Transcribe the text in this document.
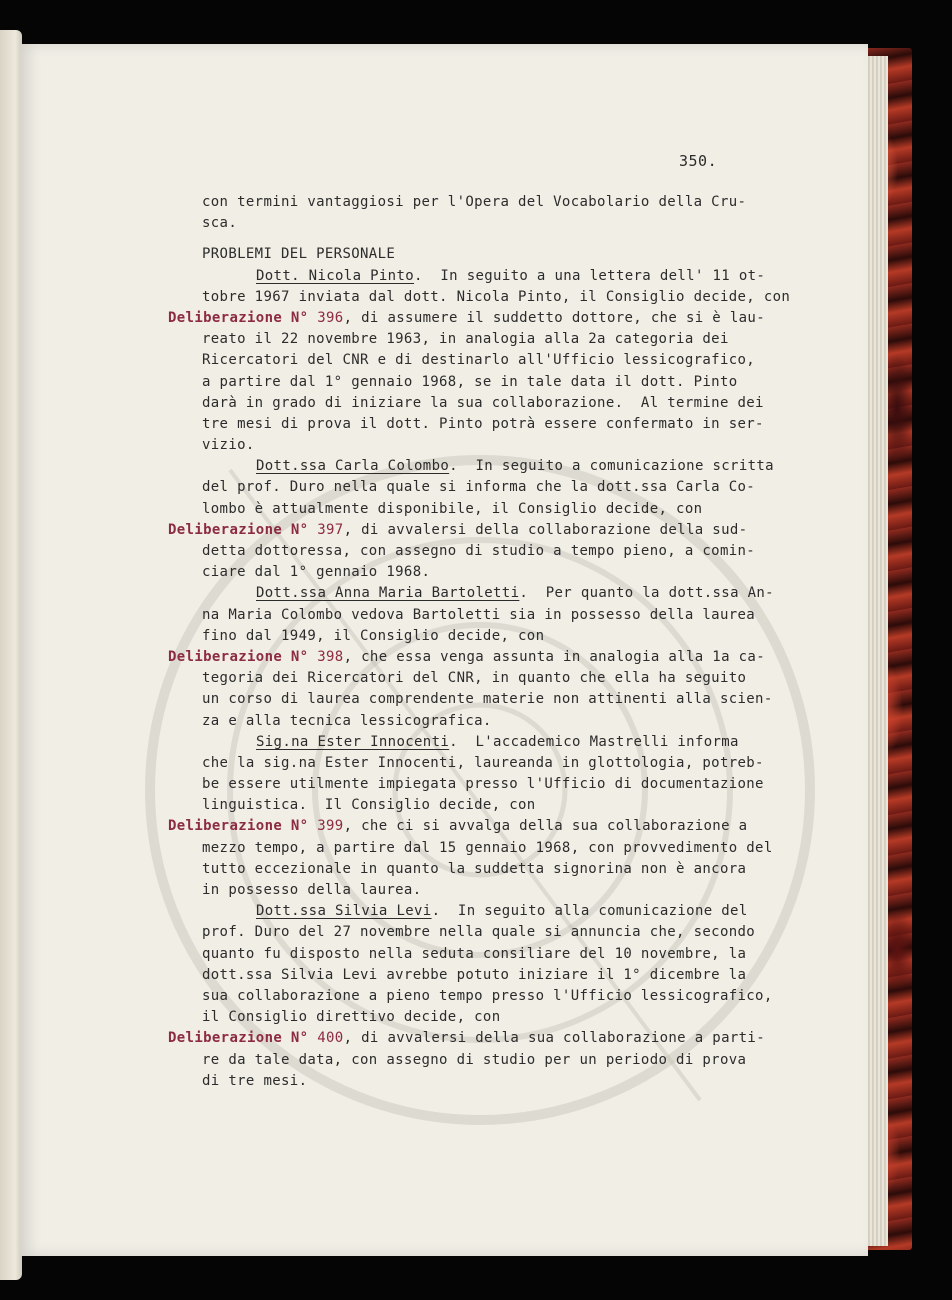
350.
con termini vantaggiosi per l'Opera del Vocabolario della Cru-
sca.
PROBLEMI DEL PERSONALE
Dott. Nicola Pinto.  In seguito a una lettera dell' 11 ot-
tobre 1967 inviata dal dott. Nicola Pinto, il Consiglio decide, con
Deliberazione N° 396, di assumere il suddetto dottore, che si è lau-
reato il 22 novembre 1963, in analogia alla 2a categoria dei
Ricercatori del CNR e di destinarlo all'Ufficio lessicografico,
a partire dal 1° gennaio 1968, se in tale data il dott. Pinto
darà in grado di iniziare la sua collaborazione.  Al termine dei
tre mesi di prova il dott. Pinto potrà essere confermato in ser-
vizio.
Dott.ssa Carla Colombo.  In seguito a comunicazione scritta
del prof. Duro nella quale si informa che la dott.ssa Carla Co-
lombo è attualmente disponibile, il Consiglio decide, con
Deliberazione N° 397, di avvalersi della collaborazione della sud-
detta dottoressa, con assegno di studio a tempo pieno, a comin-
ciare dal 1° gennaio 1968.
Dott.ssa Anna Maria Bartoletti.  Per quanto la dott.ssa An-
na Maria Colombo vedova Bartoletti sia in possesso della laurea
fino dal 1949, il Consiglio decide, con
Deliberazione N° 398, che essa venga assunta in analogia alla 1a ca-
tegoria dei Ricercatori del CNR, in quanto che ella ha seguito
un corso di laurea comprendente materie non attinenti alla scien-
za e alla tecnica lessicografica.
Sig.na Ester Innocenti.  L'accademico Mastrelli informa
che la sig.na Ester Innocenti, laureanda in glottologia, potreb-
be essere utilmente impiegata presso l'Ufficio di documentazione
linguistica.  Il Consiglio decide, con
Deliberazione N° 399, che ci si avvalga della sua collaborazione a
mezzo tempo, a partire dal 15 gennaio 1968, con provvedimento del
tutto eccezionale in quanto la suddetta signorina non è ancora
in possesso della laurea.
Dott.ssa Silvia Levi.  In seguito alla comunicazione del
prof. Duro del 27 novembre nella quale si annuncia che, secondo
quanto fu disposto nella seduta consiliare del 10 novembre, la
dott.ssa Silvia Levi avrebbe potuto iniziare il 1° dicembre la
sua collaborazione a pieno tempo presso l'Ufficio lessicografico,
il Consiglio direttivo decide, con
Deliberazione N° 400, di avvalersi della sua collaborazione a parti-
re da tale data, con assegno di studio per un periodo di prova
di tre mesi.
